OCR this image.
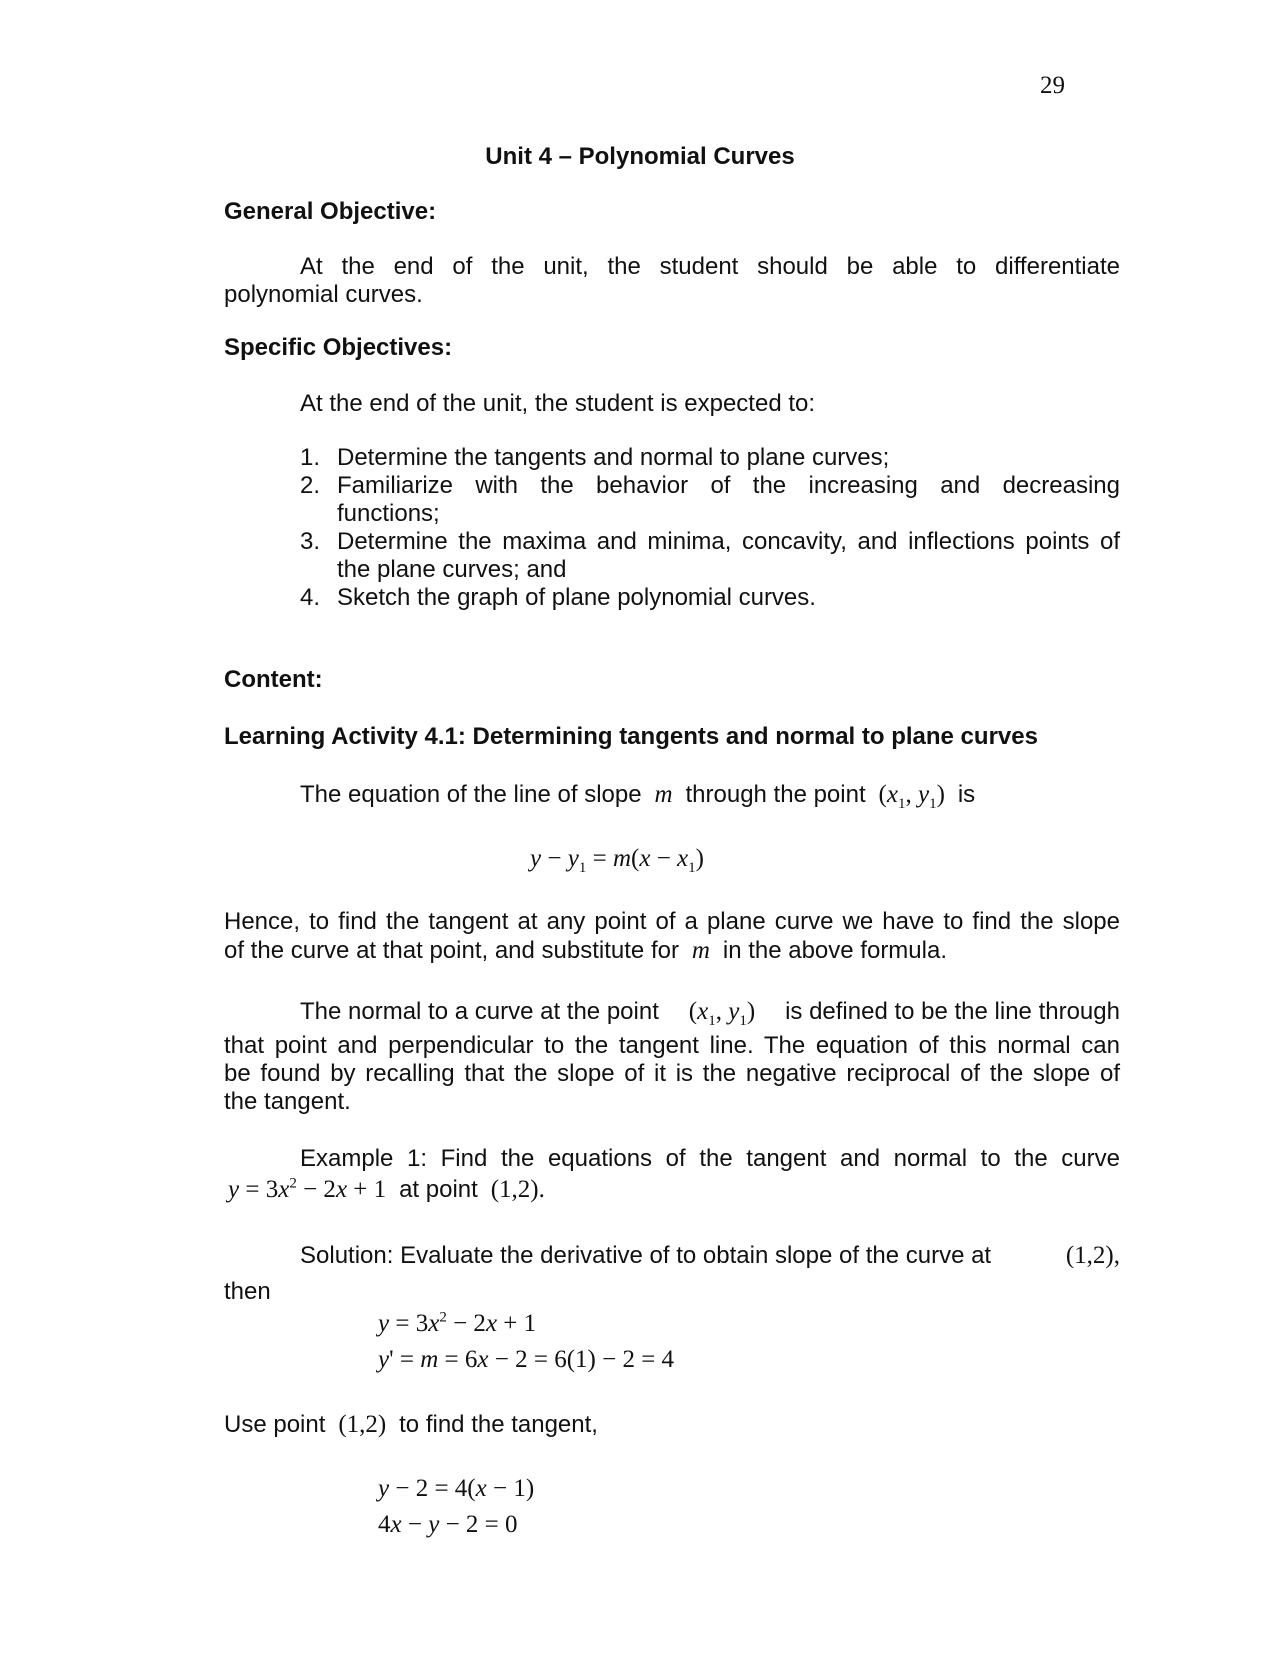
29
Unit 4 – Polynomial Curves
General Objective:
At the end of the unit, the student should be able to differentiate
polynomial curves.
Specific Objectives:
At the end of the unit, the student is expected to:
1. Determine the tangents and normal to plane curves;
2. Familiarize with the behavior of the increasing and decreasing
functions;
3. Determine the maxima and minima, concavity, and inflections points of
the plane curves; and
4. Sketch the graph of plane polynomial curves.
Content:
Learning Activity 4.1: Determining tangents and normal to plane curves
The equation of the line of slope  m  through the point  ($x_1$, $y_1$)  is
$y - y_1 = m(x - x_1)$
Hence, to find the tangent at any point of a plane curve we have to find the slope
of the curve at that point, and substitute for  m  in the above formula.
The normal to a curve at the point ($x_1$, $y_1$) is defined to be the line through
that point and perpendicular to the tangent line. The equation of this normal can
be found by recalling that the slope of it is the negative reciprocal of the slope of
the tangent.
Example 1: Find the equations of the tangent and normal to the curve
$y = 3x^2 - 2x + 1$  at point  (1,2).
Solution: Evaluate the derivative of to obtain slope of the curve at	(1,2),
then
$y = 3x^2 - 2x + 1$
y' = m = 6x − 2 = 6(1) − 2 = 4
Use point  (1,2)  to find the tangent,
y − 2 = 4(x − 1)
4x − y − 2 = 0
